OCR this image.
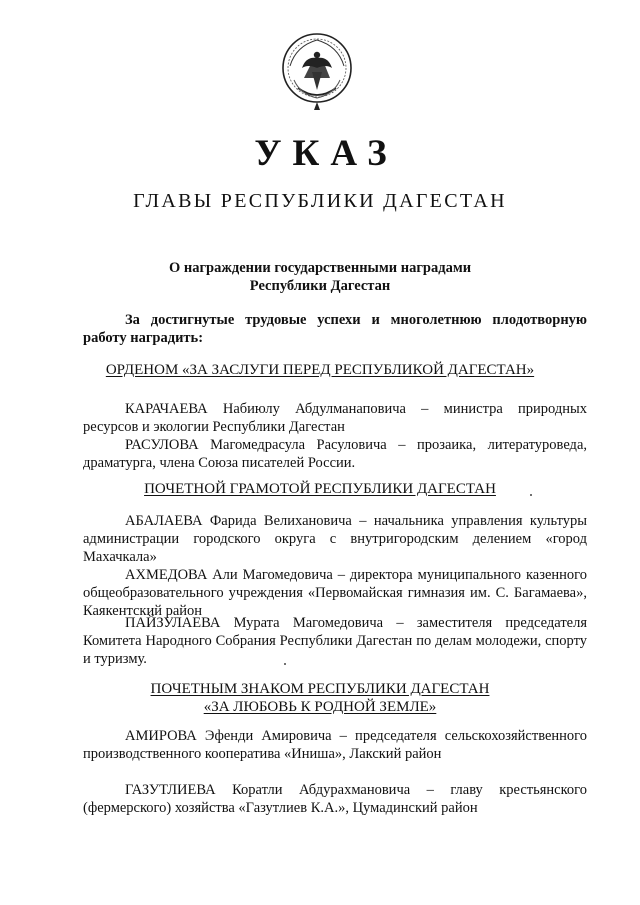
УКАЗ
ГЛАВЫ РЕСПУБЛИКИ ДАГЕСТАН
О награждении государственными наградами
Республики Дагестан
За достигнутые трудовые успехи и многолетнюю плодотворную работу наградить:
ОРДЕНОМ «ЗА ЗАСЛУГИ ПЕРЕД РЕСПУБЛИКОЙ ДАГЕСТАН»

КАРАЧАЕВА Набиюлу Абдулманаповича – министра природных ресурсов и экологии Республики Дагестан

РАСУЛОВА Магомедрасула Расуловича – прозаика, литературоведа, драматурга, члена Союза писателей России.

ПОЧЕТНОЙ ГРАМОТОЙ РЕСПУБЛИКИ ДАГЕСТАН

АБАЛАЕВА Фарида Велихановича – начальника управления культуры администрации городского округа с внутригородским делением «город Махачкала»

АХМЕДОВА Али Магомедовича – директора муниципального казенного общеобразовательного учреждения «Первомайская гимназия им. С. Багамаева», Каякентский район

ПАЙЗУЛАЕВА Мурата Магомедовича – заместителя председателя Комитета Народного Собрания Республики Дагестан по делам молодежи, спорту и туризму.

ПОЧЕТНЫМ ЗНАКОМ РЕСПУБЛИКИ ДАГЕСТАН
«ЗА ЛЮБОВЬ К РОДНОЙ ЗЕМЛЕ»

АМИРОВА Эфенди Амировича – председателя сельскохозяйственного производственного кооператива «Иниша», Лакский район

ГАЗУТЛИЕВА Коратли Абдурахмановича – главу крестьянского (фермерского) хозяйства «Газутлиев К.А.», Цумадинский район
